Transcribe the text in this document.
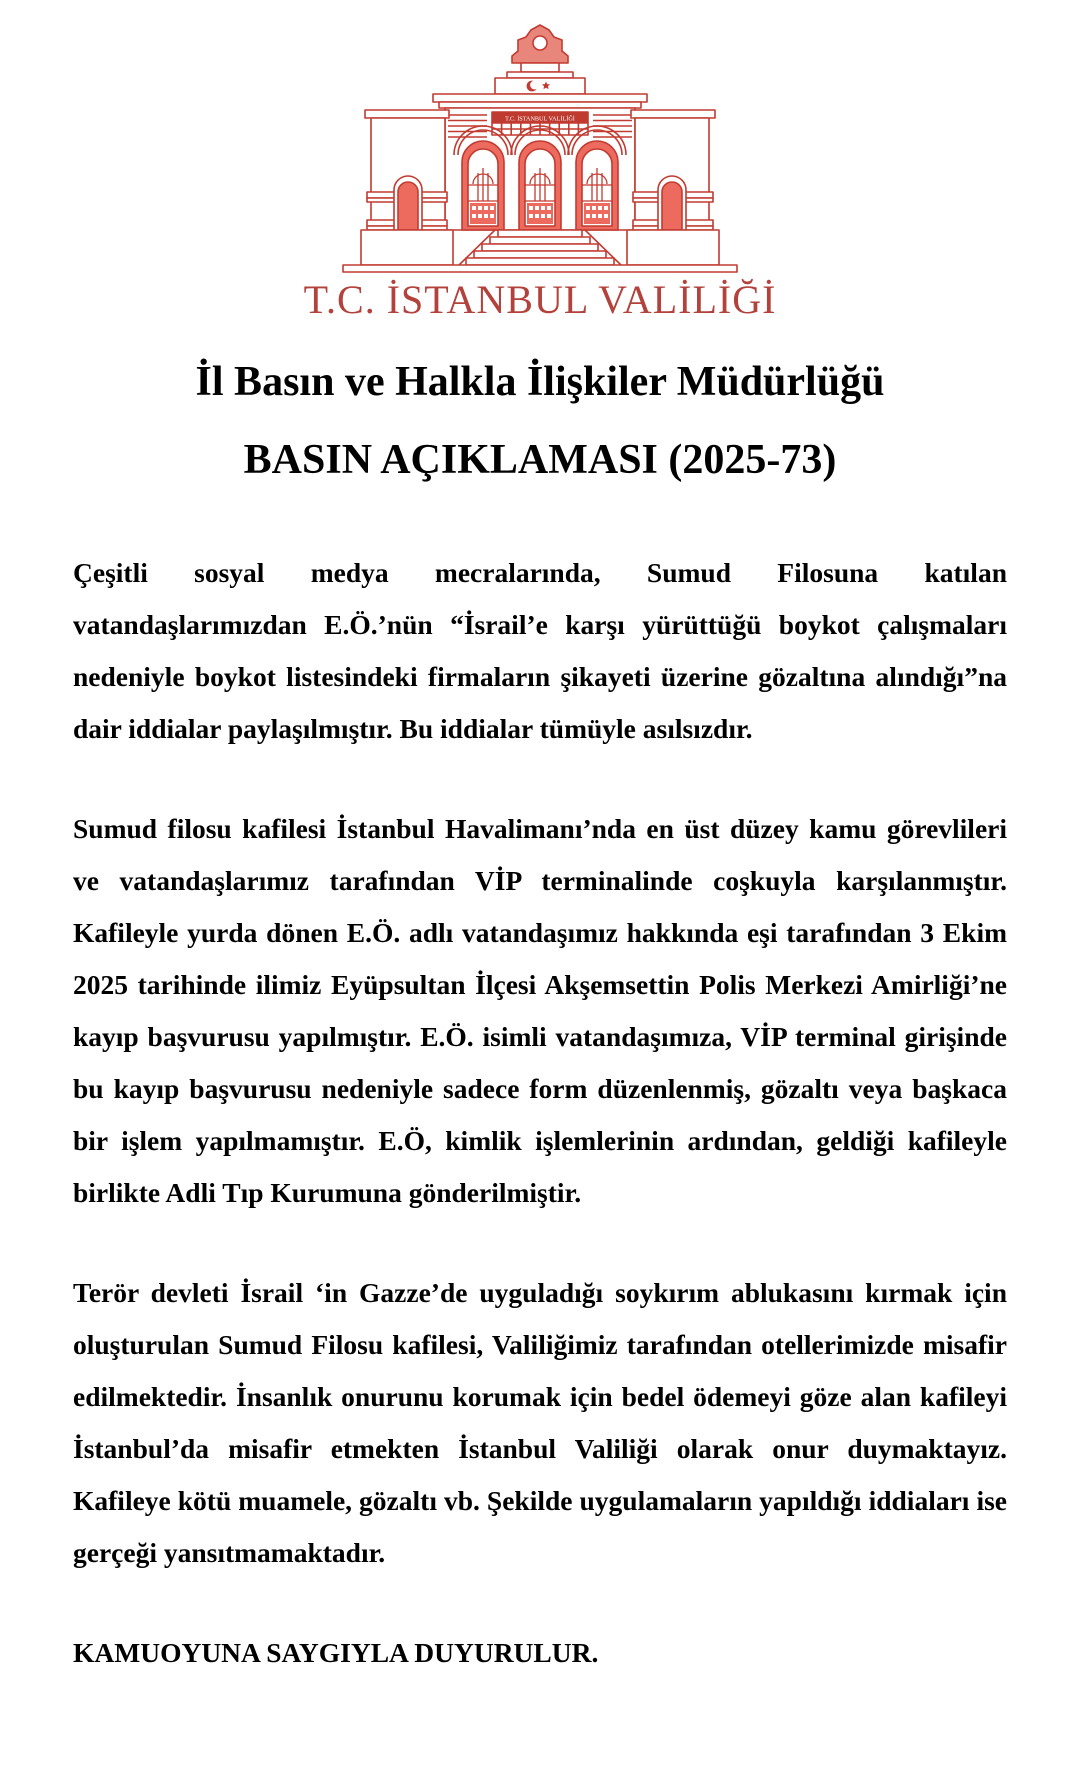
T.C. İSTANBUL VALİLİĞİ
T.C. İSTANBUL VALİLİĞİ
İl Basın ve Halkla İlişkiler Müdürlüğü
BASIN AÇIKLAMASI (2025-73)

Çeşitli sosyal medya mecralarında, Sumud Filosuna katılan vatandaşlarımızdan E.Ö.’nün “İsrail’e karşı yürüttüğü boykot çalışmaları nedeniyle boykot listesindeki firmaların şikayeti üzerine gözaltına alındığı”na dair iddialar paylaşılmıştır. Bu iddialar tümüyle asılsızdır.

Sumud filosu kafilesi İstanbul Havalimanı’nda en üst düzey kamu görevlileri ve vatandaşlarımız tarafından VİP terminalinde coşkuyla karşılanmıştır. Kafileyle yurda dönen E.Ö. adlı vatandaşımız hakkında eşi tarafından 3 Ekim 2025 tarihinde ilimiz Eyüpsultan İlçesi Akşemsettin Polis Merkezi Amirliği’ne kayıp başvurusu yapılmıştır. E.Ö. isimli vatandaşımıza, VİP terminal girişinde bu kayıp başvurusu nedeniyle sadece form düzenlenmiş, gözaltı veya başkaca bir işlem yapılmamıştır. E.Ö, kimlik işlemlerinin ardından, geldiği kafileyle birlikte Adli Tıp Kurumuna gönderilmiştir.

Terör devleti İsrail ‘in Gazze’de uyguladığı soykırım ablukasını kırmak için oluşturulan Sumud Filosu kafilesi, Valiliğimiz tarafından otellerimizde misafir edilmektedir. İnsanlık onurunu korumak için bedel ödemeyi göze alan kafileyi İstanbul’da misafir etmekten İstanbul Valiliği olarak onur duymaktayız. Kafileye kötü muamele, gözaltı vb. Şekilde uygulamaların yapıldığı iddiaları ise gerçeği yansıtmamaktadır.

KAMUOYUNA SAYGIYLA DUYURULUR.
